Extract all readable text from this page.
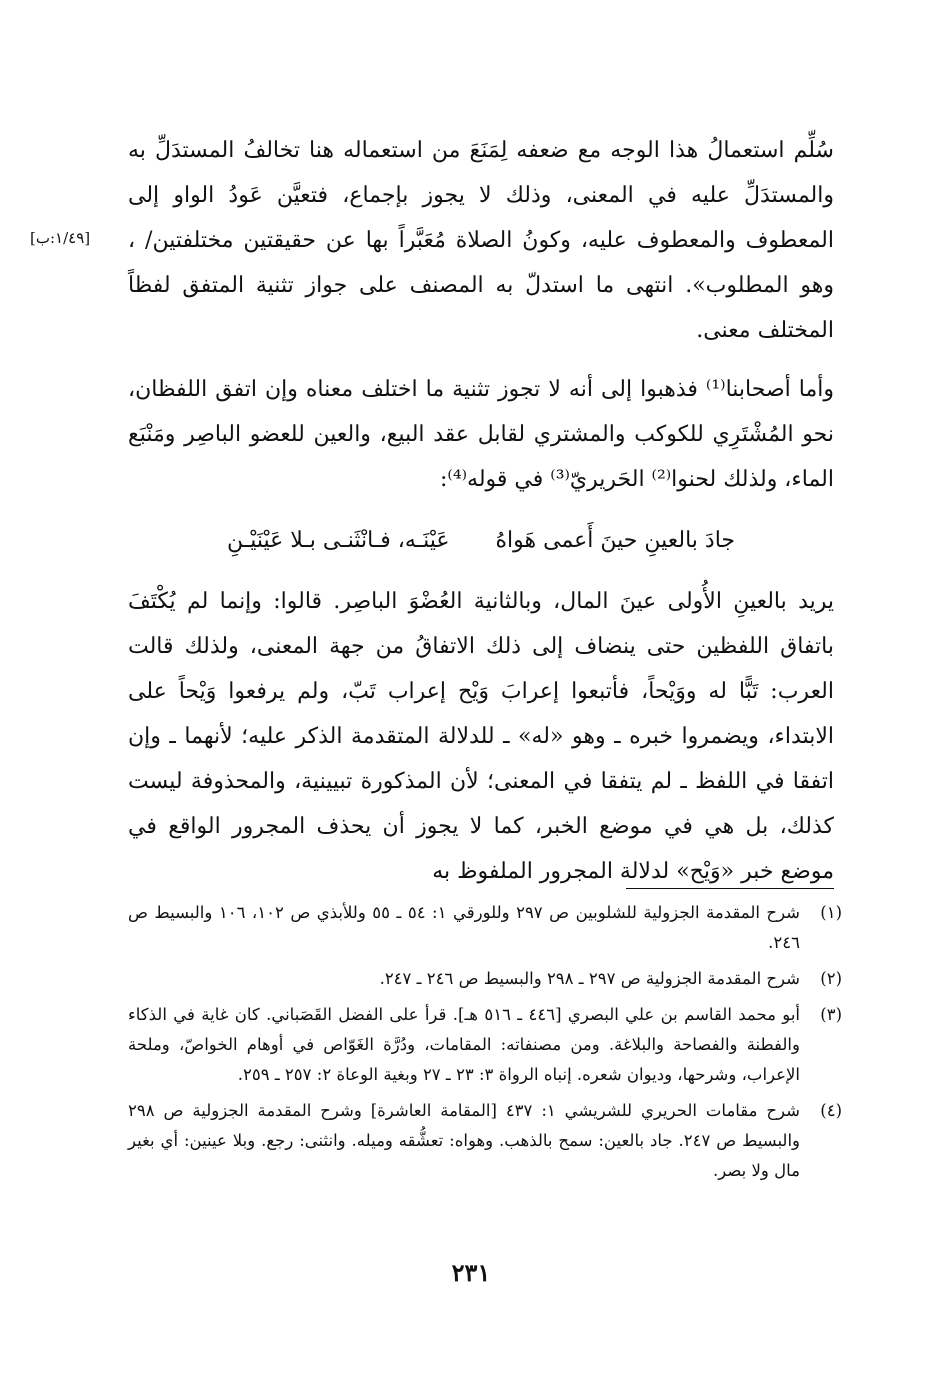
[١/٤٩:ب]

سُلِّم استعمالُ هذا الوجه مع ضعفه لِمَنَعَ من استعماله هنا تخالفُ المستدَلِّ به والمستدَلِّ عليه في المعنى، وذلك لا يجوز بإجماع، فتعيَّن عَودُ الواو إلى المعطوف والمعطوف عليه، وكونُ الصلاة مُعَبَّراً بها عن حقيقتين مختلفتين/ ، وهو المطلوب». انتهى ما استدلّ به المصنف على جواز تثنية المتفق لفظاً المختلف معنى.

وأما أصحابنا⁽¹⁾ فذهبوا إلى أنه لا تجوز تثنية ما اختلف معناه وإن اتفق اللفظان، نحو المُشْتَرِي للكوكب والمشتري لقابل عقد البيع، والعين للعضو الباصِر ومَنْبَع الماء، ولذلك لحنوا⁽²⁾ الحَريريّ⁽³⁾ في قوله⁽⁴⁾:

جادَ بالعينِ حينَ أَعمى هَواهُ
عَيْنَـه، فـانْثَنـى بـلا عَيْنَيْـنِ

يريد بالعينِ الأُولى عينَ المال، وبالثانية العُضْوَ الباصِر. قالوا: وإنما لم يُكْتَفَ باتفاق اللفظين حتى ينضاف إلى ذلك الاتفاقُ من جهة المعنى، ولذلك قالت العرب: تَبًّا له ووَيْحاً، فأتبعوا إعرابَ وَيْح إعراب تَبّ، ولم يرفعوا وَيْحاً على الابتداء، ويضمروا خبره ـ وهو «له» ـ للدلالة المتقدمة الذكر عليه؛ لأنهما ـ وإن اتفقا في اللفظ ـ لم يتفقا في المعنى؛ لأن المذكورة تبيينية، والمحذوفة ليست كذلك، بل هي في موضع الخبر، كما لا يجوز أن يحذف المجرور الواقع في موضع خبر «وَيْح» لدلالة المجرور الملفوظ به

(١)
شرح المقدمة الجزولية للشلوبين ص ٢٩٧ وللورقي ١: ٥٤ ـ ٥٥ وللأبذي ص ١٠٢، ١٠٦ والبسيط ص ٢٤٦.
(٢)
شرح المقدمة الجزولية ص ٢٩٧ ـ ٢٩٨ والبسيط ص ٢٤٦ ـ ٢٤٧.
(٣)
أبو محمد القاسم بن علي البصري [٤٤٦ ـ ٥١٦ هـ]. قرأ على الفضل القَصَباني. كان غاية في الذكاء والفطنة والفصاحة والبلاغة. ومن مصنفاته: المقامات، ودُرَّة الغَوّاص في أوهام الخواصّ، وملحة الإعراب، وشرحها، وديوان شعره. إنباه الرواة ٣: ٢٣ ـ ٢٧ وبغية الوعاة ٢: ٢٥٧ ـ ٢٥٩.
(٤)
شرح مقامات الحريري للشريشي ١: ٤٣٧ [المقامة العاشرة] وشرح المقدمة الجزولية ص ٢٩٨ والبسيط ص ٢٤٧. جاد بالعين: سمح بالذهب. وهواه: تعشُّقه وميله. وانثنى: رجع. وبلا عينين: أي بغير مال ولا بصر.
٢٣١
